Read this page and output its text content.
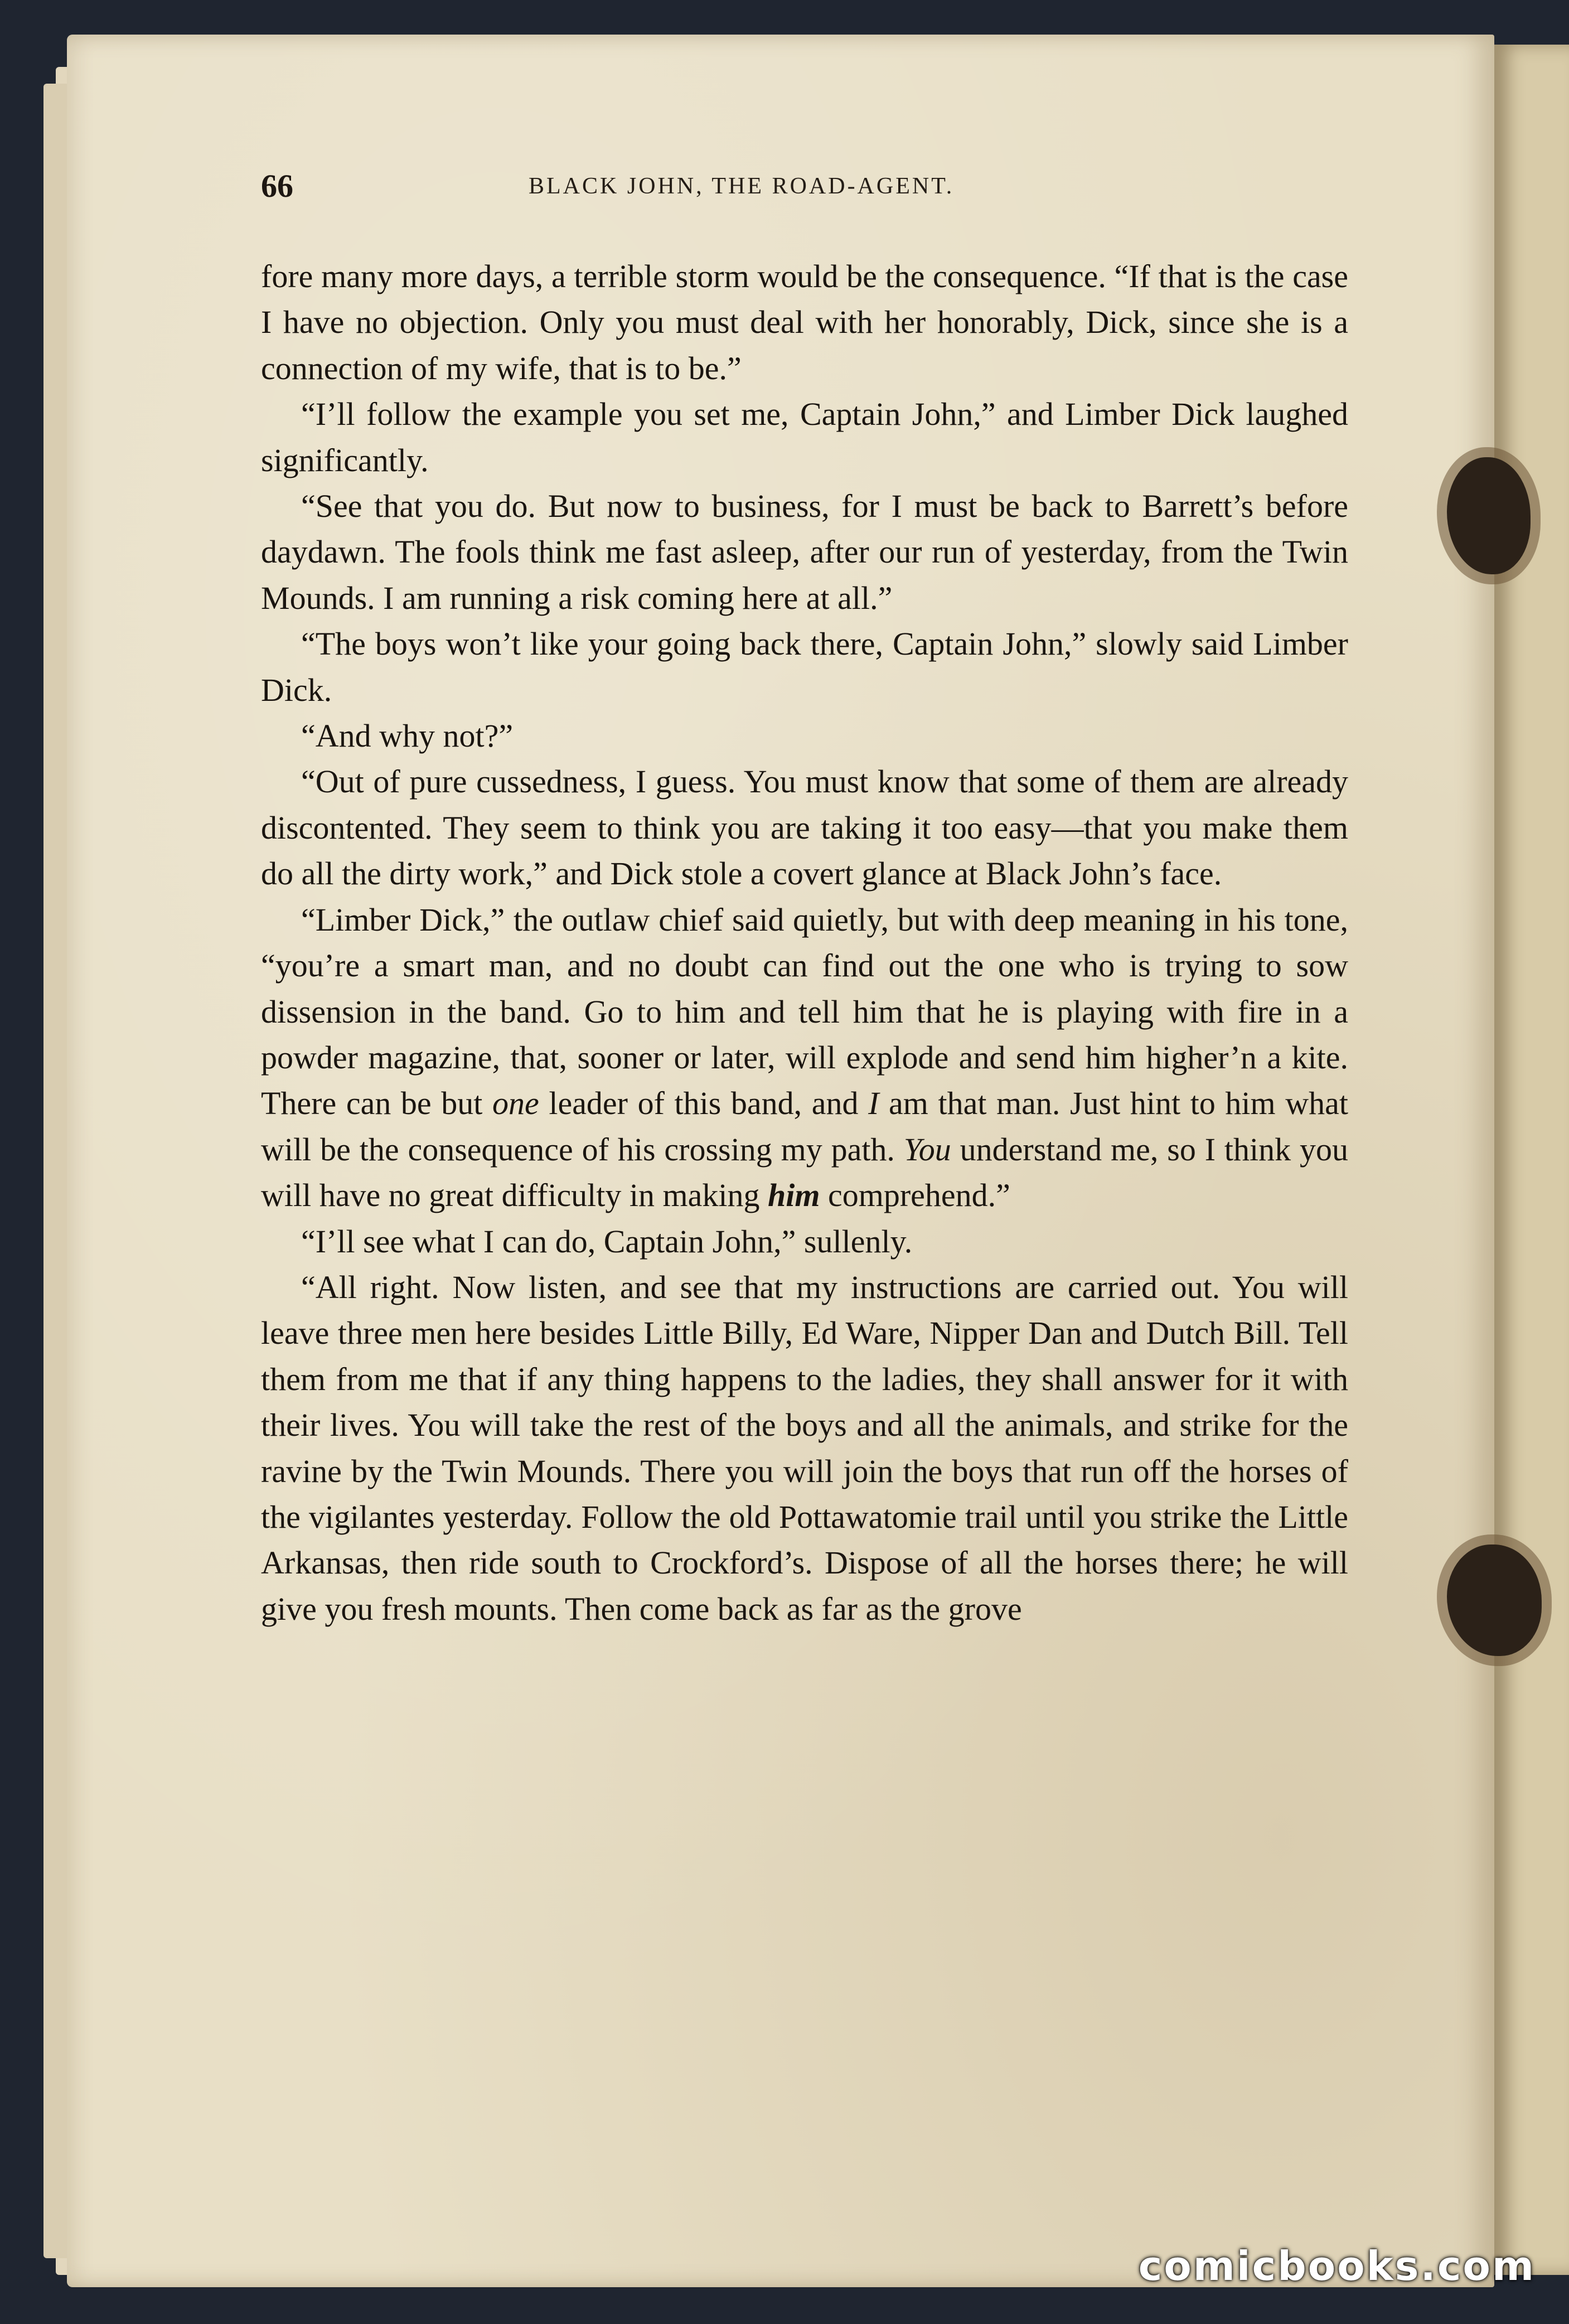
66	BLACK JOHN, THE ROAD-AGENT.

fore many more days, a terrible storm would be the consequence. “If that is the case I have no objection. Only you must deal with her honorably, Dick, since she is a connection of my wife, that is to be.”

“I’ll follow the example you set me, Captain John,” and Limber Dick laughed significantly.

“See that you do. But now to business, for I must be back to Barrett’s before daydawn. The fools think me fast asleep, after our run of yesterday, from the Twin Mounds. I am running a risk coming here at all.”

“The boys won’t like your going back there, Captain John,” slowly said Limber Dick.

“And why not?”

“Out of pure cussedness, I guess. You must know that some of them are already discontented. They seem to think you are taking it too easy—that you make them do all the dirty work,” and Dick stole a covert glance at Black John’s face.

“Limber Dick,” the outlaw chief said quietly, but with deep meaning in his tone, “you’re a smart man, and no doubt can find out the one who is trying to sow dissension in the band. Go to him and tell him that he is playing with fire in a powder magazine, that, sooner or later, will explode and send him higher’n a kite. There can be but one leader of this band, and I am that man. Just hint to him what will be the consequence of his crossing my path. You understand me, so I think you will have no great difficulty in making him comprehend.”

“I’ll see what I can do, Captain John,” sullenly.

“All right. Now listen, and see that my instructions are carried out. You will leave three men here besides Little Billy, Ed Ware, Nipper Dan and Dutch Bill. Tell them from me that if any thing happens to the ladies, they shall answer for it with their lives. You will take the rest of the boys and all the animals, and strike for the ravine by the Twin Mounds. There you will join the boys that run off the horses of the vigilantes yesterday. Follow the old Pottawatomie trail until you strike the Little Arkansas, then ride south to Crockford’s. Dispose of all the horses there; he will give you fresh mounts. Then come back as far as the grove

comicbooks.com
